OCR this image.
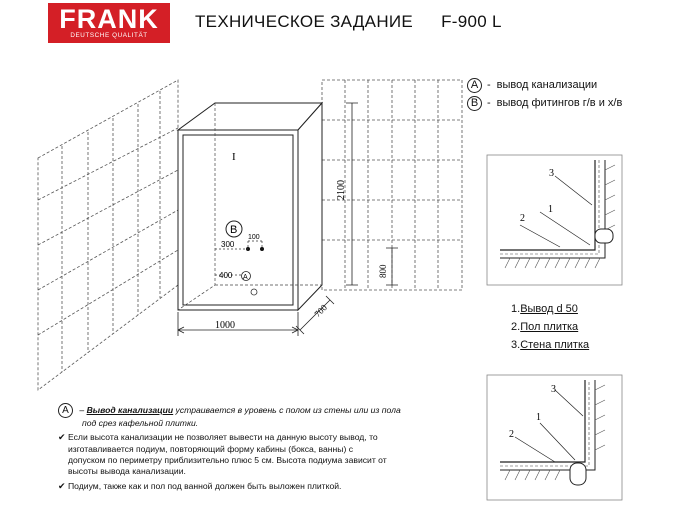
FRANK
DEUTSCHE QUALITÄT
ТЕХНИЧЕСКОЕ ЗАДАНИЕ F-900 L
A - вывод канализации
B - вывод фитингов г/в и х/в
I
B
300
100
400 A
1000
700
2100
800
3
1
2
3
1
2
1.Вывод d 50
2.Пол плитка
3.Стена плитка
A – Вывод канализации устраивается в уровень с полом из стены или из пола
под срез кафельной плитки.
✔ Если высота канализации не позволяет вывести на данную высоту вывод, то
изготавливается подиум, повторяющий форму кабины (бокса, ванны) с
допуском по периметру приблизительно плюс 5 см. Высота подиума зависит от
высоты вывода канализации.
✔ Подиум, также как и пол под ванной должен быть выложен плиткой.
